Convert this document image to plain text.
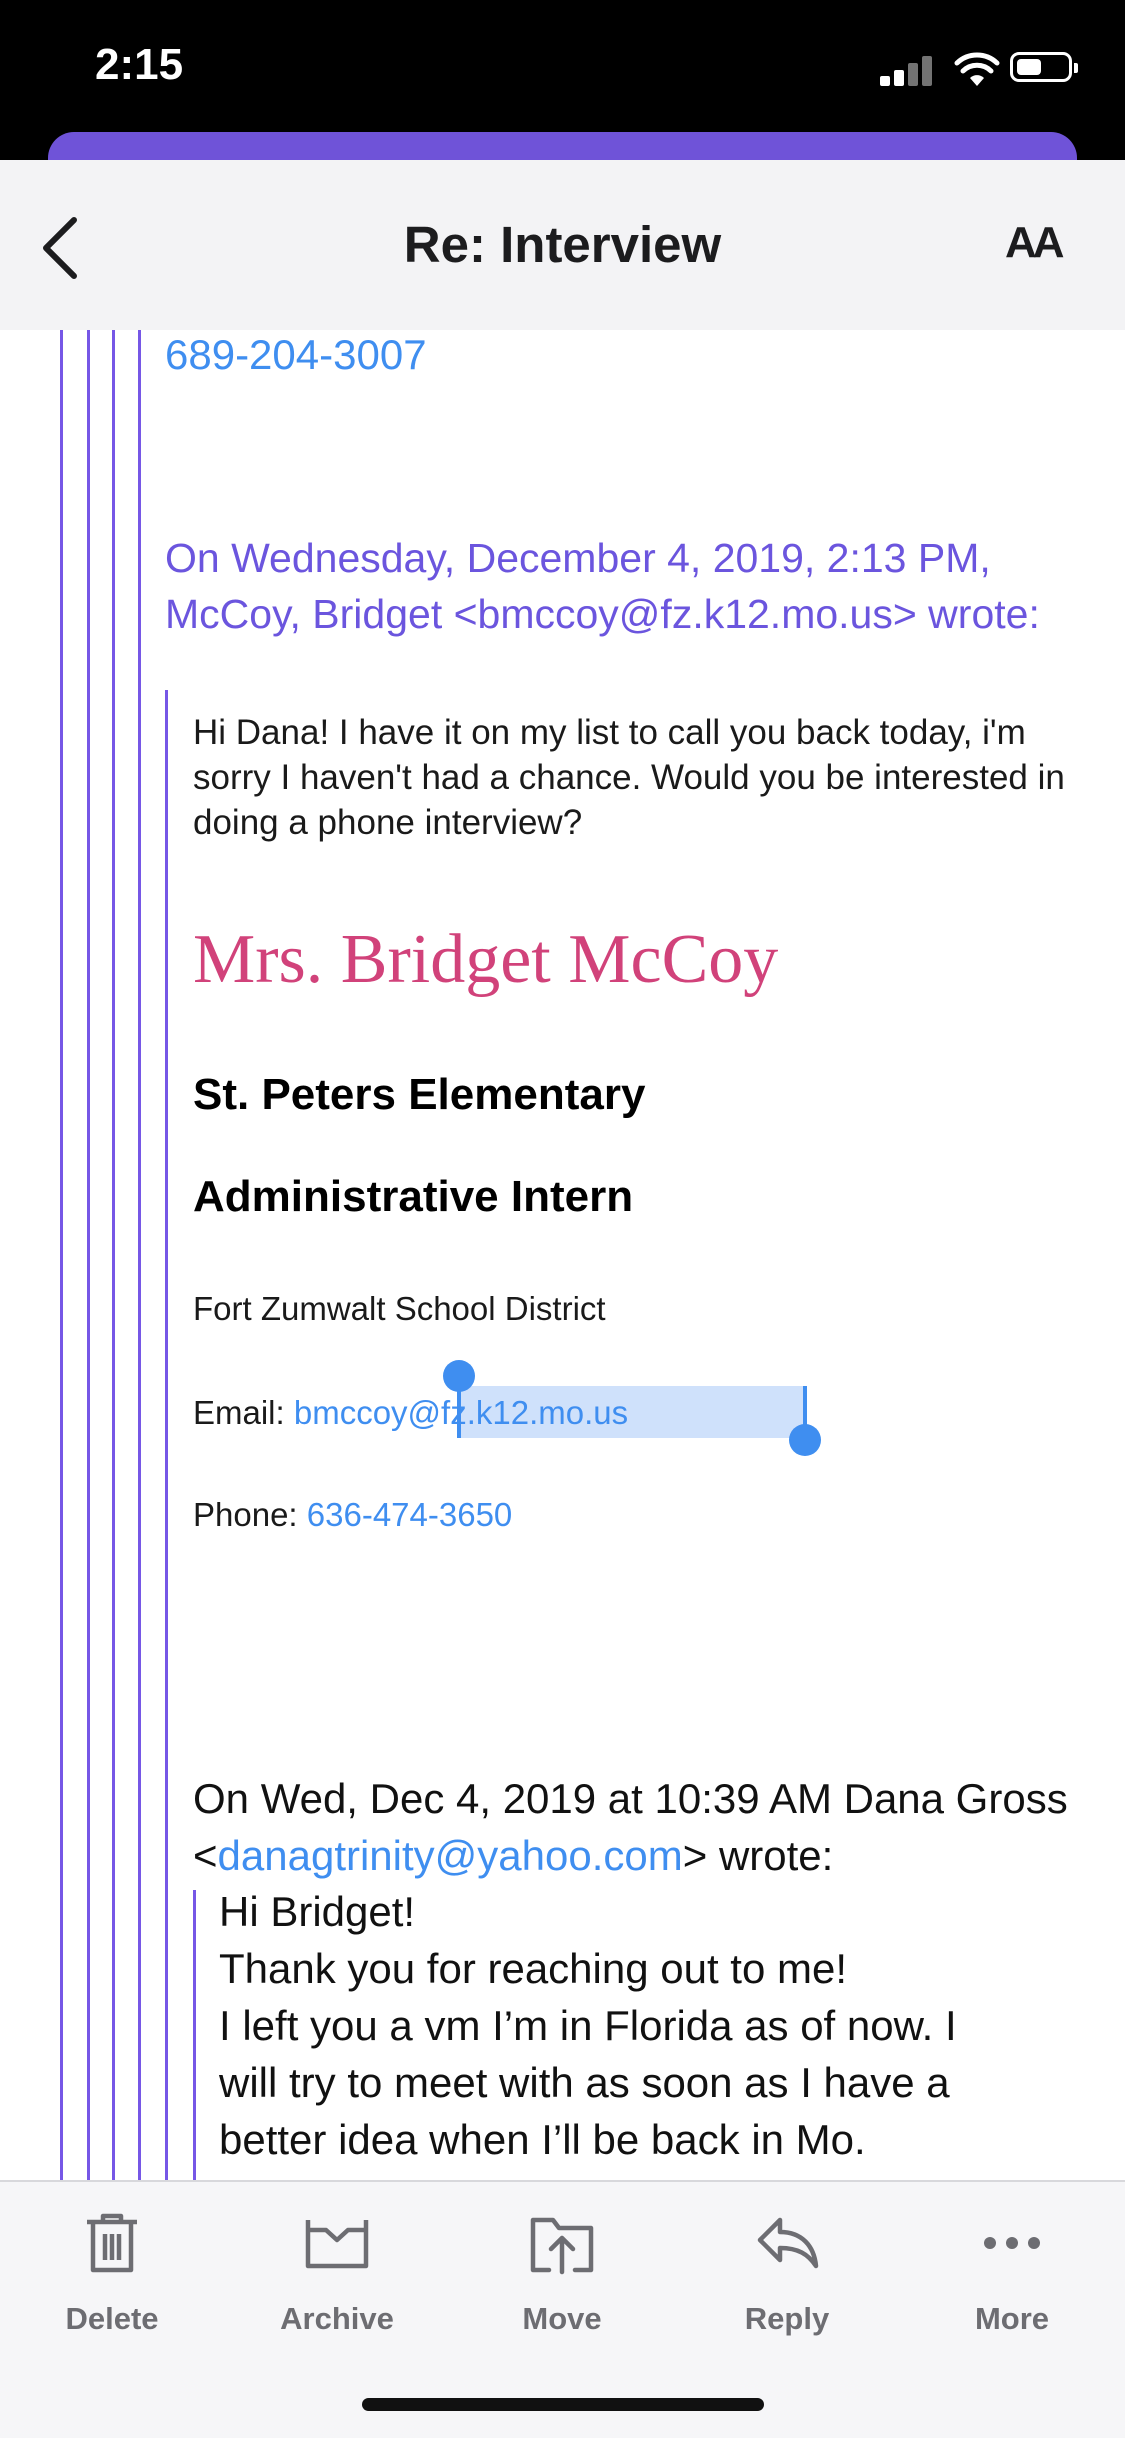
2:15
Re: Interview	AA
689-204-3007
On Wednesday, December 4, 2019, 2:13 PM, McCoy, Bridget <bmccoy@fz.k12.mo.us> wrote:
Hi Dana! I have it on my list to call you back today, i'm sorry I haven't had a chance. Would you be interested in doing a phone interview?
Mrs. Bridget McCoy
St. Peters Elementary
Administrative Intern
Fort Zumwalt School District
Email: bmccoy@fz.k12.mo.us
Phone: 636-474-3650
On Wed, Dec 4, 2019 at 10:39 AM Dana Gross <danagtrinity@yahoo.com> wrote:
Hi Bridget!
Thank you for reaching out to me!
I left you a vm I’m in Florida as of now. I
will try to meet with as soon as I have a
better idea when I’ll be back in Mo.
Delete	Archive	Move	Reply	More
